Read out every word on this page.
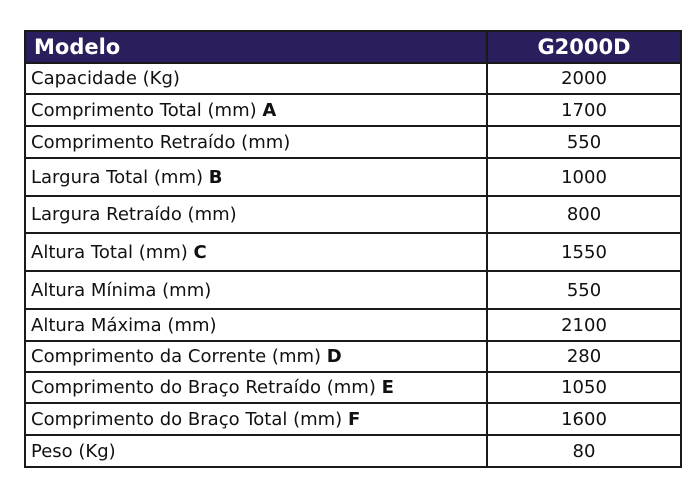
Modelo	G2000D
Capacidade (Kg)	2000
Comprimento Total (mm) A	1700
Comprimento Retraído (mm)	550
Largura Total (mm) B	1000
Largura Retraído (mm)	800
Altura Total (mm) C	1550
Altura Mínima (mm)	550
Altura Máxima (mm)	2100
Comprimento da Corrente (mm) D	280
Comprimento do Braço Retraído (mm) E	1050
Comprimento do Braço Total (mm) F	1600
Peso (Kg)	80
